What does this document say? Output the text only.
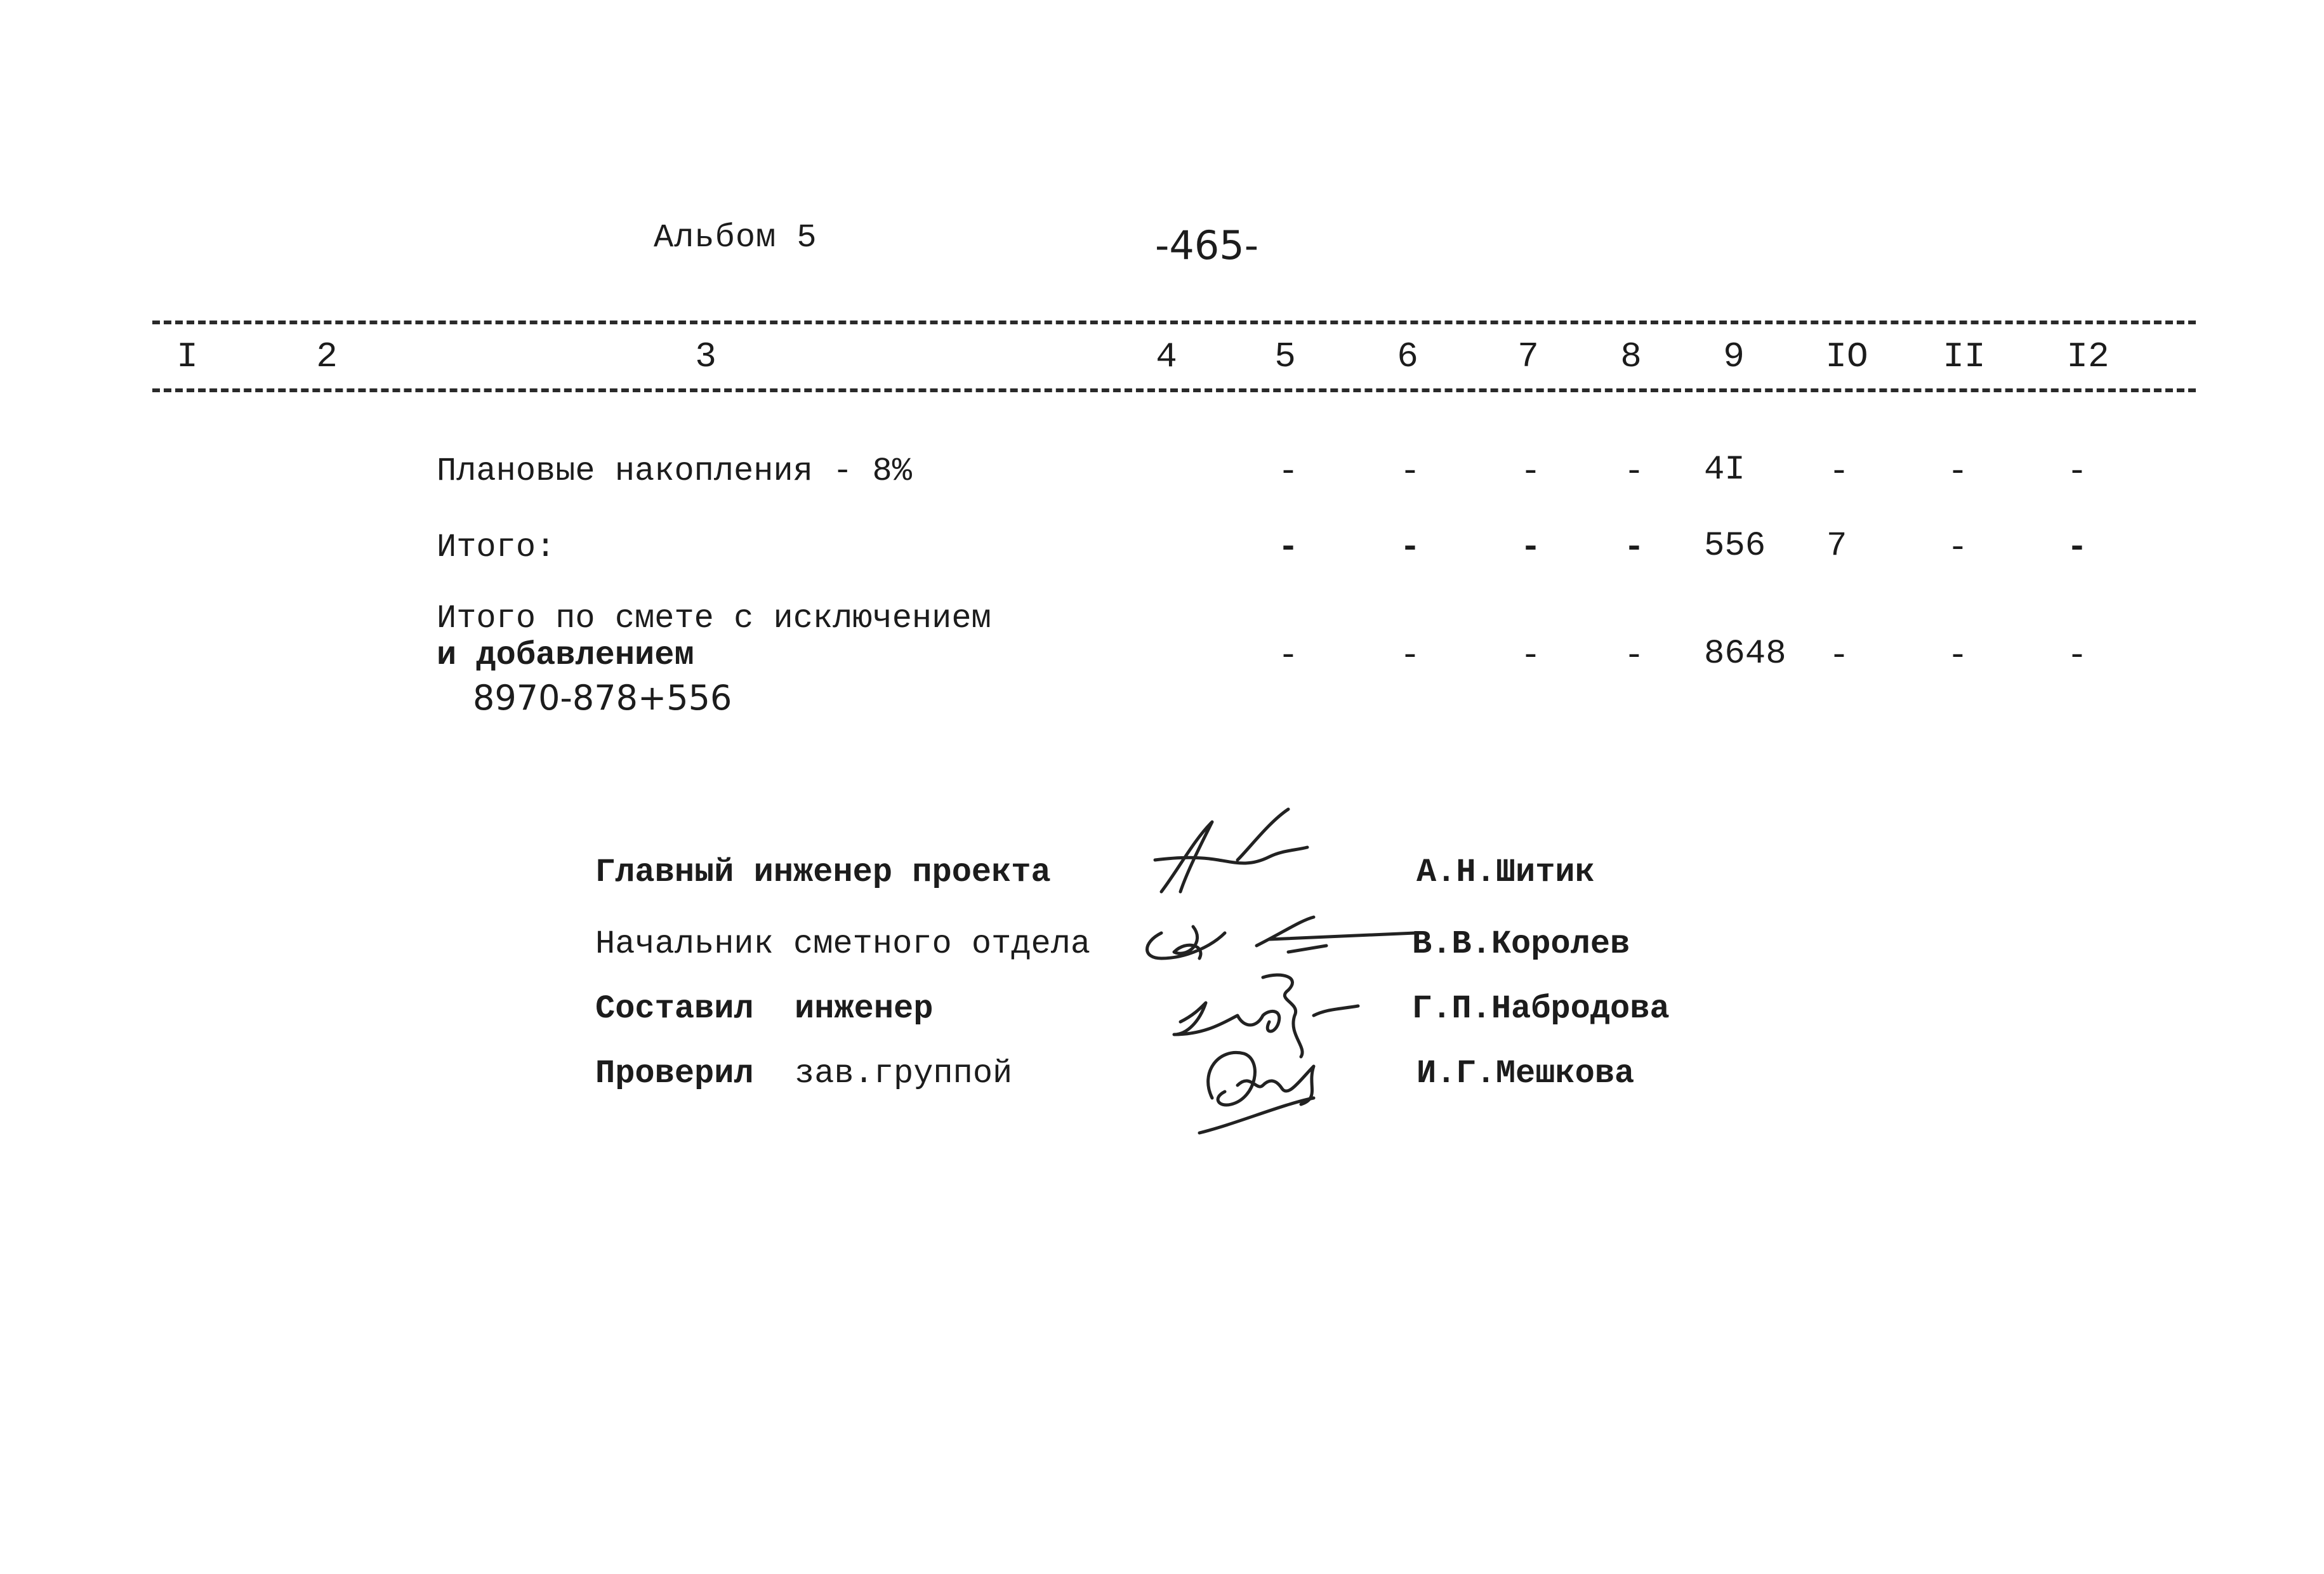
Альбом 5	-465-
I	2	3	4	5	6	7 8 9 IO II I2
Плановые накопления - 8%	-	-	- - 4I -	-	-
Итого:	-	-	- - 556 7	-	-
Итого по смете с исключением
и добавлением
8970-878+556
-	-	- - 8648 -	-	-
Главный инженер проекта	А.Н.Шитик
Начальник сметного отдела	В.В.Королев
Составил инженер	Г.П.Набродова
Проверил зав.группой	И.Г.Мешкова
